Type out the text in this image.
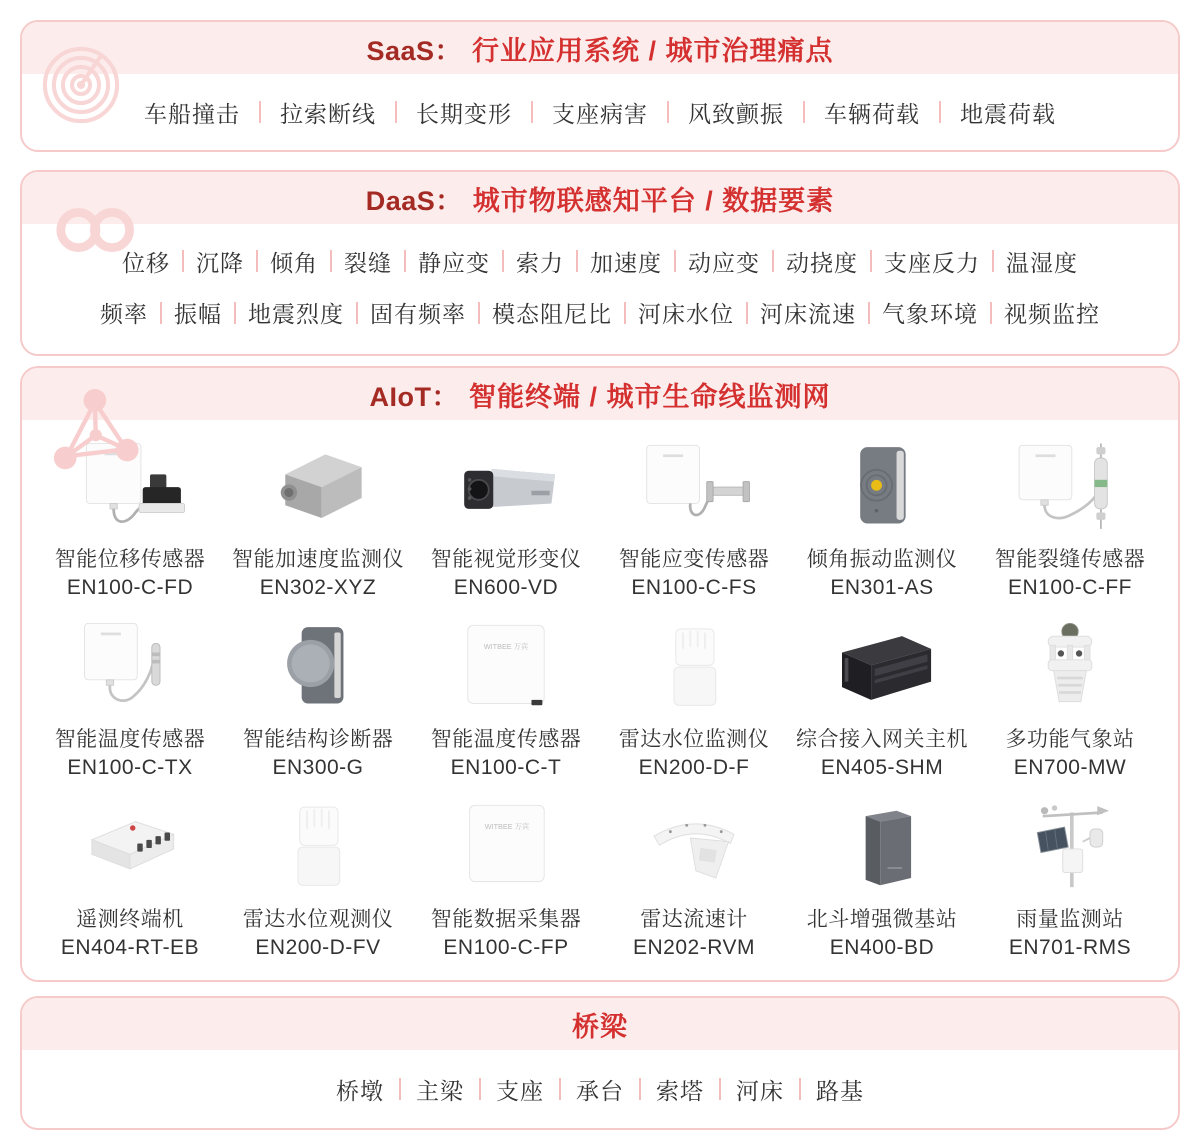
SaaS： 行业应用系统 / 城市治理痛点
车船撞击 拉索断线 长期变形 支座病害 风致颤振 车辆荷载 地震荷载
DaaS： 城市物联感知平台 / 数据要素
位移 沉降 倾角 裂缝 静应变 索力 加速度 动应变 动挠度 支座反力 温湿度
频率 振幅 地震烈度 固有频率 模态阻尼比 河床水位 河床流速 气象环境 视频监控
AIoT： 智能终端 / 城市生命线监测网
智能位移传感器
EN100-C-FD
智能加速度监测仪
EN302-XYZ
智能视觉形变仪
EN600-VD
智能应变传感器
EN100-C-FS
倾角振动监测仪
EN301-AS
智能裂缝传感器
EN100-C-FF
智能温度传感器
EN100-C-TX
智能结构诊断器
EN300-G
WITBEE 万宾
智能温度传感器
EN100-C-T
雷达水位监测仪
EN200-D-F
综合接入网关主机
EN405-SHM
多功能气象站
EN700-MW
遥测终端机
EN404-RT-EB
雷达水位观测仪
EN200-D-FV
WITBEE 万宾
智能数据采集器
EN100-C-FP
雷达流速计
EN202-RVM
北斗增强微基站
EN400-BD
雨量监测站
EN701-RMS
桥梁
桥墩 主梁 支座 承台 索塔 河床 路基
